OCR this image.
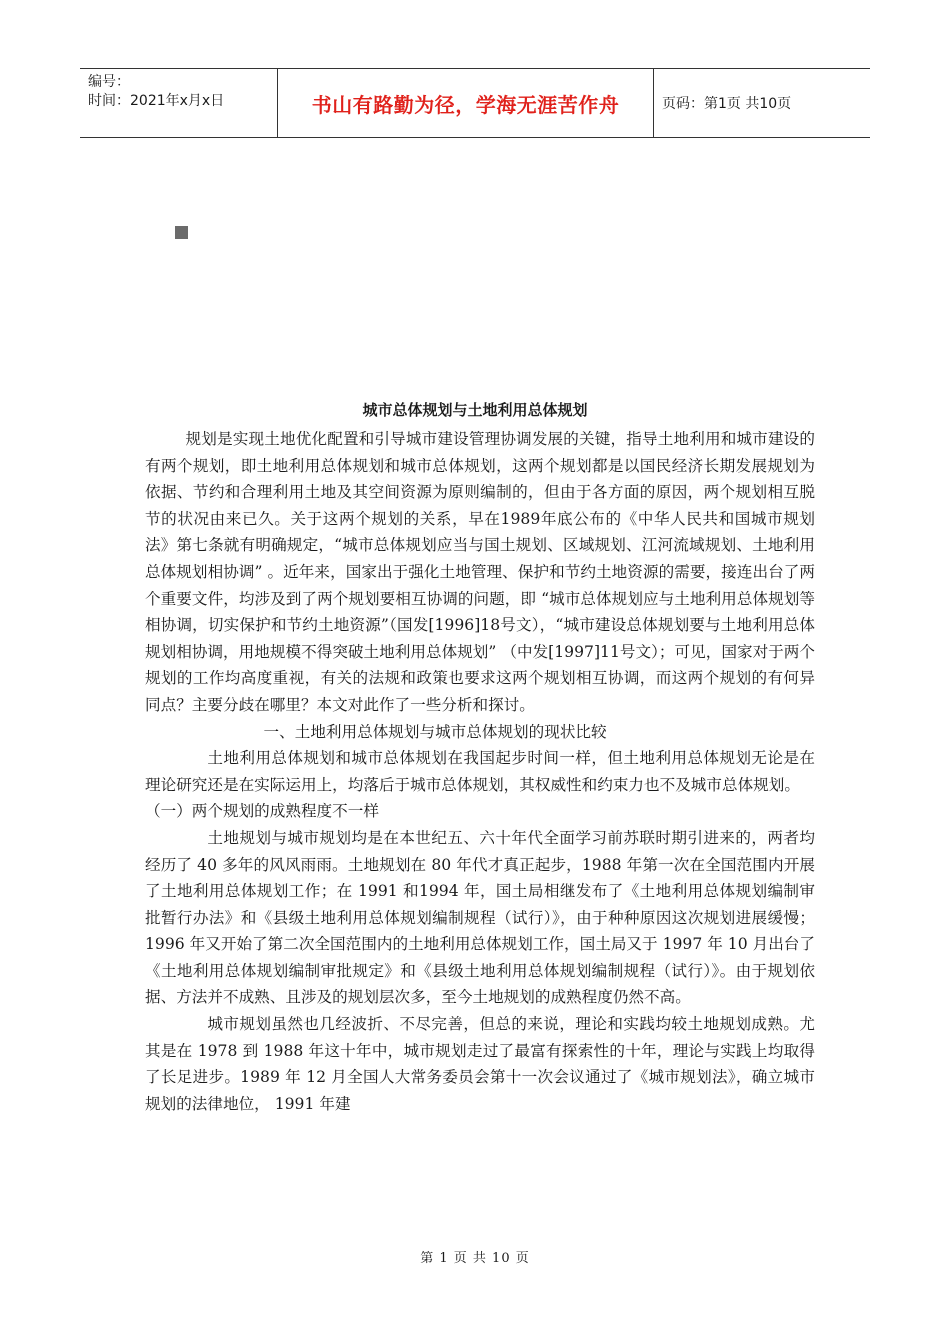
编号：
时间：2021年x月x日	书山有路勤为径，学海无涯苦作舟	页码：第1页 共10页
城市总体规划与土地利用总体规划

规划是实现土地优化配置和引导城市建设管理协调发展的关键，指导土地利用和城市建设的有两个规划，即土地利用总体规划和城市总体规划，这两个规划都是以国民经济长期发展规划为依据、节约和合理利用土地及其空间资源为原则编制的，但由于各方面的原因，两个规划相互脱节的状况由来已久。关于这两个规划的关系，早在1989年底公布的《中华人民共和国城市规划法》第七条就有明确规定，“城市总体规划应当与国土规划、区域规划、江河流域规划、土地利用总体规划相协调” 。近年来，国家出于强化土地管理、保护和节约土地资源的需要，接连出台了两个重要文件，均涉及到了两个规划要相互协调的问题，即 “城市总体规划应与土地利用总体规划等相协调，切实保护和节约土地资源”（国发[1996]18号文），“城市建设总体规划要与土地利用总体规划相协调，用地规模不得突破土地利用总体规划” （中发[1997]11号文）；可见，国家对于两个规划的工作均高度重视，有关的法规和政策也要求这两个规划相互协调，而这两个规划的有何异同点？主要分歧在哪里？本文对此作了一些分析和探讨。

一、土地利用总体规划与城市总体规划的现状比较

土地利用总体规划和城市总体规划在我国起步时间一样，但土地利用总体规划无论是在理论研究还是在实际运用上，均落后于城市总体规划，其权威性和约束力也不及城市总体规划。

（一）两个规划的成熟程度不一样

土地规划与城市规划均是在本世纪五、六十年代全面学习前苏联时期引进来的，两者均经历了 40 多年的风风雨雨。土地规划在 80 年代才真正起步，1988 年第一次在全国范围内开展了土地利用总体规划工作；在 1991 和1994 年，国土局相继发布了《土地利用总体规划编制审批暂行办法》和《县级土地利用总体规划编制规程（试行）》，由于种种原因这次规划进展缓慢；1996 年又开始了第二次全国范围内的土地利用总体规划工作，国土局又于 1997 年 10 月出台了《土地利用总体规划编制审批规定》和《县级土地利用总体规划编制规程（试行）》。由于规划依据、方法并不成熟、且涉及的规划层次多，至今土地规划的成熟程度仍然不高。

城市规划虽然也几经波折、不尽完善，但总的来说，理论和实践均较土地规划成熟。尤其是在 1978 到 1988 年这十年中，城市规划走过了最富有探索性的十年，理论与实践上均取得了长足进步。1989 年 12 月全国人大常务委员会第十一次会议通过了《城市规划法》，确立城市规划的法律地位， 1991 年建

第 1 页 共 10 页
